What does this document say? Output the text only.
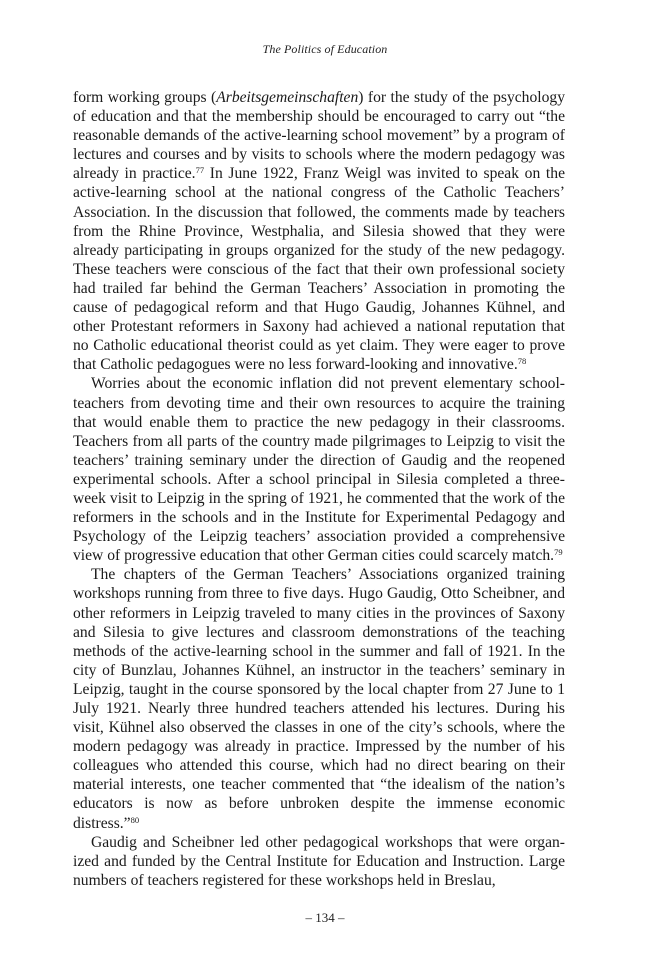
The Politics of Education

form working groups (Arbeitsgemeinschaften) for the study of the psychology of education and that the membership should be encouraged to carry out “the reasonable demands of the active-learning school movement” by a program of lectures and courses and by visits to schools where the modern pedagogy was already in practice.$^{77}$ In June 1922, Franz Weigl was invited to speak on the active-learning school at the national congress of the Catholic Teachers’ Association. In the discussion that followed, the comments made by teachers from the Rhine Province, Westphalia, and Silesia showed that they were already participating in groups organized for the study of the new pedagogy. These teachers were conscious of the fact that their own professional society had trailed far behind the German Teachers’ Association in promoting the cause of pedagogical reform and that Hugo Gaudig, Johannes Kühnel, and other Protestant reformers in Saxony had achieved a national reputation that no Catholic educational theorist could as yet claim. They were eager to prove that Catholic pedagogues were no less forward-looking and innovative.$^{78}$

Worries about the economic inflation did not prevent elementary schoolteachers from devoting time and their own resources to acquire the training that would enable them to practice the new pedagogy in their classrooms. Teachers from all parts of the country made pilgrimages to Leipzig to visit the teachers’ training seminary under the direction of Gaudig and the reopened experimental schools. After a school principal in Silesia completed a three-week visit to Leipzig in the spring of 1921, he commented that the work of the reformers in the schools and in the Institute for Experimental Pedagogy and Psychology of the Leipzig teachers’ association provided a comprehensive view of progressive education that other German cities could scarcely match.$^{79}$

The chapters of the German Teachers’ Associations organized training workshops running from three to five days. Hugo Gaudig, Otto Scheibner, and other reformers in Leipzig traveled to many cities in the provinces of Saxony and Silesia to give lectures and classroom demonstrations of the teaching methods of the active-learning school in the summer and fall of 1921. In the city of Bunzlau, Johannes Kühnel, an instructor in the teachers’ seminary in Leipzig, taught in the course sponsored by the local chapter from 27 June to 1 July 1921. Nearly three hundred teachers attended his lectures. During his visit, Kühnel also observed the classes in one of the city’s schools, where the modern pedagogy was already in practice. Impressed by the number of his colleagues who attended this course, which had no direct bearing on their material interests, one teacher commented that “the idealism of the nation’s educators is now as before unbroken despite the immense economic distress.”$^{80}$

Gaudig and Scheibner led other pedagogical workshops that were organized and funded by the Central Institute for Education and Instruction. Large numbers of teachers registered for these workshops held in Breslau,

– 134 –
